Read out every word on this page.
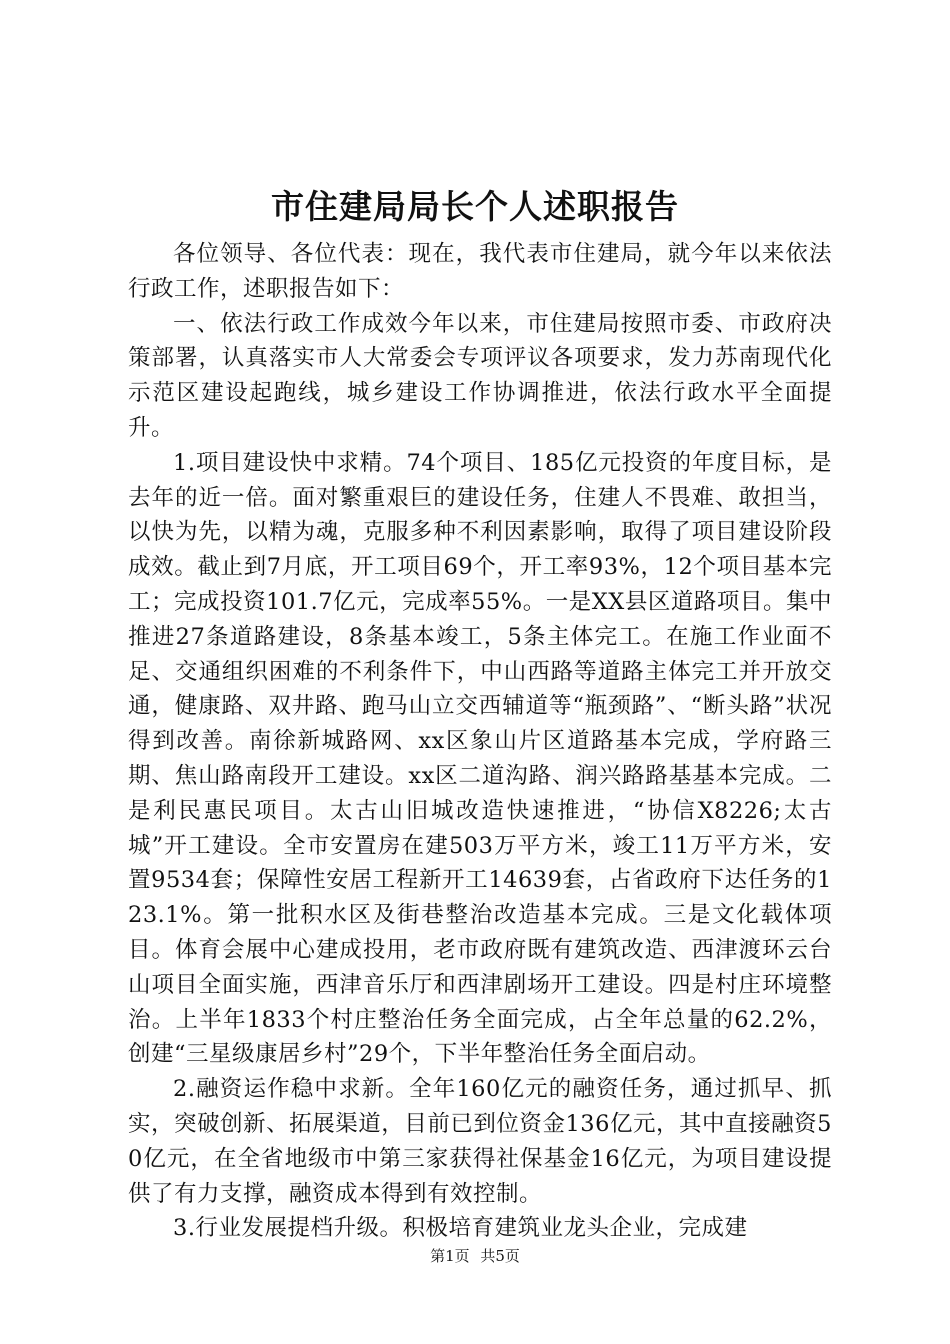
市住建局局长个人述职报告

各位领导、各位代表：现在，我代表市住建局，就今年以来依法行政工作，述职报告如下：

一、依法行政工作成效今年以来，市住建局按照市委、市政府决策部署，认真落实市人大常委会专项评议各项要求，发力苏南现代化示范区建设起跑线，城乡建设工作协调推进，依法行政水平全面提升。

1.项目建设快中求精。74个项目、185亿元投资的年度目标，是去年的近一倍。面对繁重艰巨的建设任务，住建人不畏难、敢担当，以快为先，以精为魂，克服多种不利因素影响，取得了项目建设阶段成效。截止到7月底，开工项目69个，开工率93%，12个项目基本完工；完成投资101.7亿元，完成率55%。一是XX县区道路项目。集中推进27条道路建设，8条基本竣工，5条主体完工。在施工作业面不足、交通组织困难的不利条件下，中山西路等道路主体完工并开放交通，健康路、双井路、跑马山立交西辅道等“瓶颈路”、“断头路”状况得到改善。南徐新城路网、xx区象山片区道路基本完成，学府路三期、焦山路南段开工建设。xx区二道沟路、润兴路路基基本完成。二是利民惠民项目。太古山旧城改造快速推进，“协信X8226;太古城”开工建设。全市安置房在建503万平方米，竣工11万平方米，安置9534套；保障性安居工程新开工14639套，占省政府下达任务的123.1%。第一批积水区及街巷整治改造基本完成。三是文化载体项目。体育会展中心建成投用，老市政府既有建筑改造、西津渡环云台山项目全面实施，西津音乐厅和西津剧场开工建设。四是村庄环境整治。上半年1833个村庄整治任务全面完成，占全年总量的62.2%，创建“三星级康居乡村”29个，下半年整治任务全面启动。

2.融资运作稳中求新。全年160亿元的融资任务，通过抓早、抓实，突破创新、拓展渠道，目前已到位资金136亿元，其中直接融资50亿元，在全省地级市中第三家获得社保基金16亿元，为项目建设提供了有力支撑，融资成本得到有效控制。

3.行业发展提档升级。积极培育建筑业龙头企业，完成建

第1页 共5页
